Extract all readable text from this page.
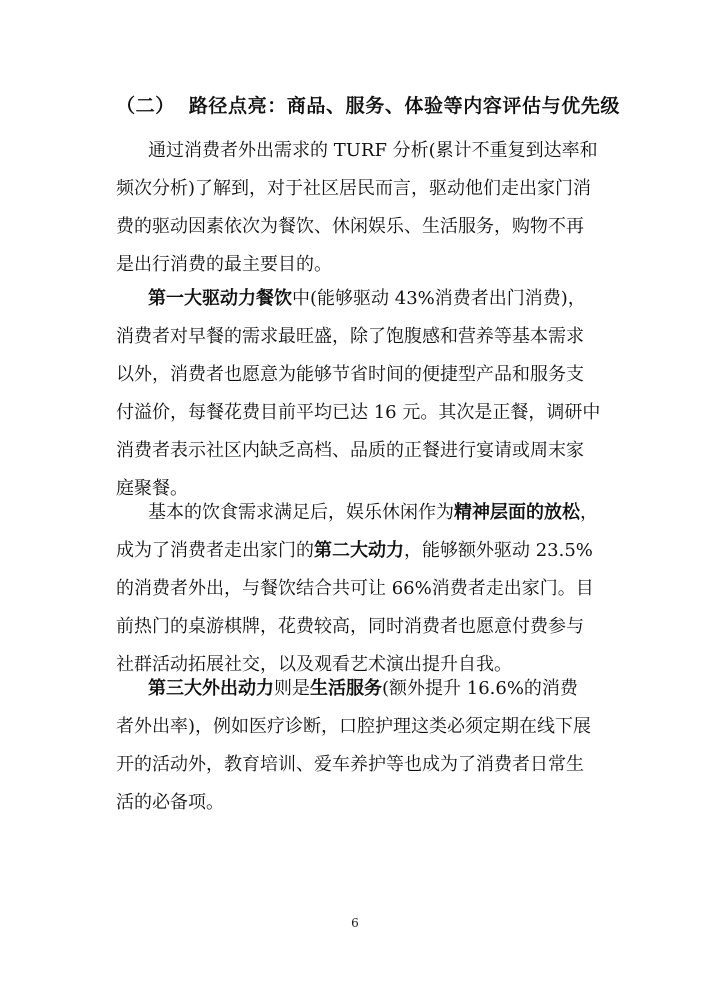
（二） 路径点亮：商品、服务、体验等内容评估与优先级
通过消费者外出需求的 TURF 分析(累计不重复到达率和
频次分析)了解到，对于社区居民而言，驱动他们走出家门消
费的驱动因素依次为餐饮、休闲娱乐、生活服务，购物不再
是出行消费的最主要目的。
第一大驱动力餐饮中(能够驱动 43%消费者出门消费)，
消费者对早餐的需求最旺盛，除了饱腹感和营养等基本需求
以外，消费者也愿意为能够节省时间的便捷型产品和服务支
付溢价，每餐花费目前平均已达 16 元。其次是正餐，调研中
消费者表示社区内缺乏高档、品质的正餐进行宴请或周末家
庭聚餐。
基本的饮食需求满足后，娱乐休闲作为精神层面的放松，
成为了消费者走出家门的第二大动力，能够额外驱动 23.5%
的消费者外出，与餐饮结合共可让 66%消费者走出家门。目
前热门的桌游棋牌，花费较高，同时消费者也愿意付费参与
社群活动拓展社交，以及观看艺术演出提升自我。
第三大外出动力则是生活服务(额外提升 16.6%的消费
者外出率)，例如医疗诊断，口腔护理这类必须定期在线下展
开的活动外，教育培训、爱车养护等也成为了消费者日常生
活的必备项。
6
